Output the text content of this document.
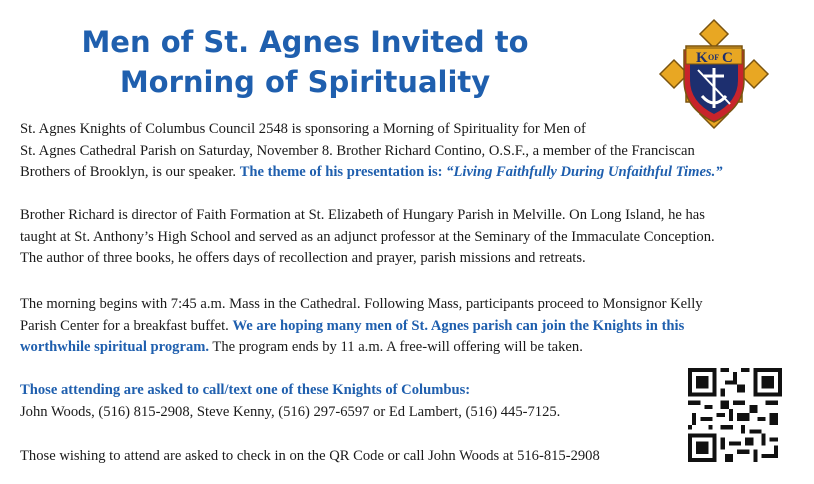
Men of St. Agnes Invited to
Morning of Spirituality
K OF C
St. Agnes Knights of Columbus Council 2548 is sponsoring a Morning of Spirituality for Men of
St. Agnes Cathedral Parish on Saturday, November 8. Brother Richard Contino, O.S.F., a member of the Franciscan
Brothers of Brooklyn, is our speaker. The theme of his presentation is: “Living Faithfully During Unfaithful Times.”
Brother Richard is director of Faith Formation at St. Elizabeth of Hungary Parish in Melville. On Long Island, he has
taught at St. Anthony’s High School and served as an adjunct professor at the Seminary of the Immaculate Conception.
The author of three books, he offers days of recollection and prayer, parish missions and retreats.
The morning begins with 7:45 a.m. Mass in the Cathedral. Following Mass, participants proceed to Monsignor Kelly
Parish Center for a breakfast buffet. We are hoping many men of St. Agnes parish can join the Knights in this
worthwhile spiritual program. The program ends by 11 a.m. A free-will offering will be taken.
Those attending are asked to call/text one of these Knights of Columbus:
John Woods, (516) 815-2908, Steve Kenny, (516) 297-6597 or Ed Lambert, (516) 445-7125.
Those wishing to attend are asked to check in on the QR Code or call John Woods at 516-815-2908
